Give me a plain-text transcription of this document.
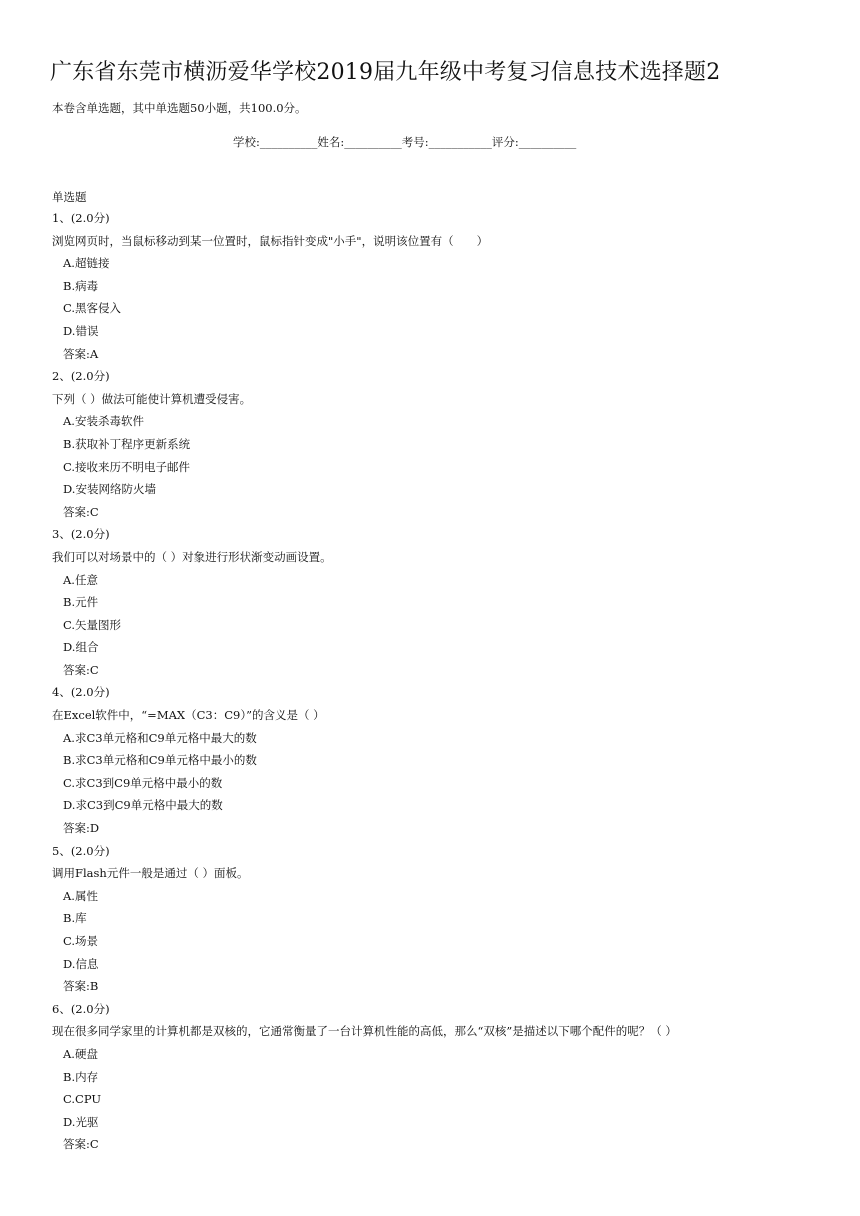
广东省东莞市横沥爱华学校2019届九年级中考复习信息技术选择题2
本卷含单选题，其中单选题50小题，共100.0分。
学校:__________姓名:__________考号:___________评分:__________
单选题
1、(2.0分)
浏览网页时，当鼠标移动到某一位置时，鼠标指针变成"小手"，说明该位置有（　　）
A.超链接
B.病毒
C.黑客侵入
D.错误
答案:A
2、(2.0分)
下列（ ）做法可能使计算机遭受侵害。
A.安装杀毒软件
B.获取补丁程序更新系统
C.接收来历不明电子邮件
D.安装网络防火墙
答案:C
3、(2.0分)
我们可以对场景中的（ ）对象进行形状渐变动画设置。
A.任意
B.元件
C.矢量图形
D.组合
答案:C
4、(2.0分)
在Excel软件中，“=MAX（C3：C9）”的含义是（ ）
A.求C3单元格和C9单元格中最大的数
B.求C3单元格和C9单元格中最小的数
C.求C3到C9单元格中最小的数
D.求C3到C9单元格中最大的数
答案:D
5、(2.0分)
调用Flash元件一般是通过（ ）面板。
A.属性
B.库
C.场景
D.信息
答案:B
6、(2.0分)
现在很多同学家里的计算机都是双核的，它通常衡量了一台计算机性能的高低，那么“双核”是描述以下哪个配件的呢？（ ）
A.硬盘
B.内存
C.CPU
D.光驱
答案:C
